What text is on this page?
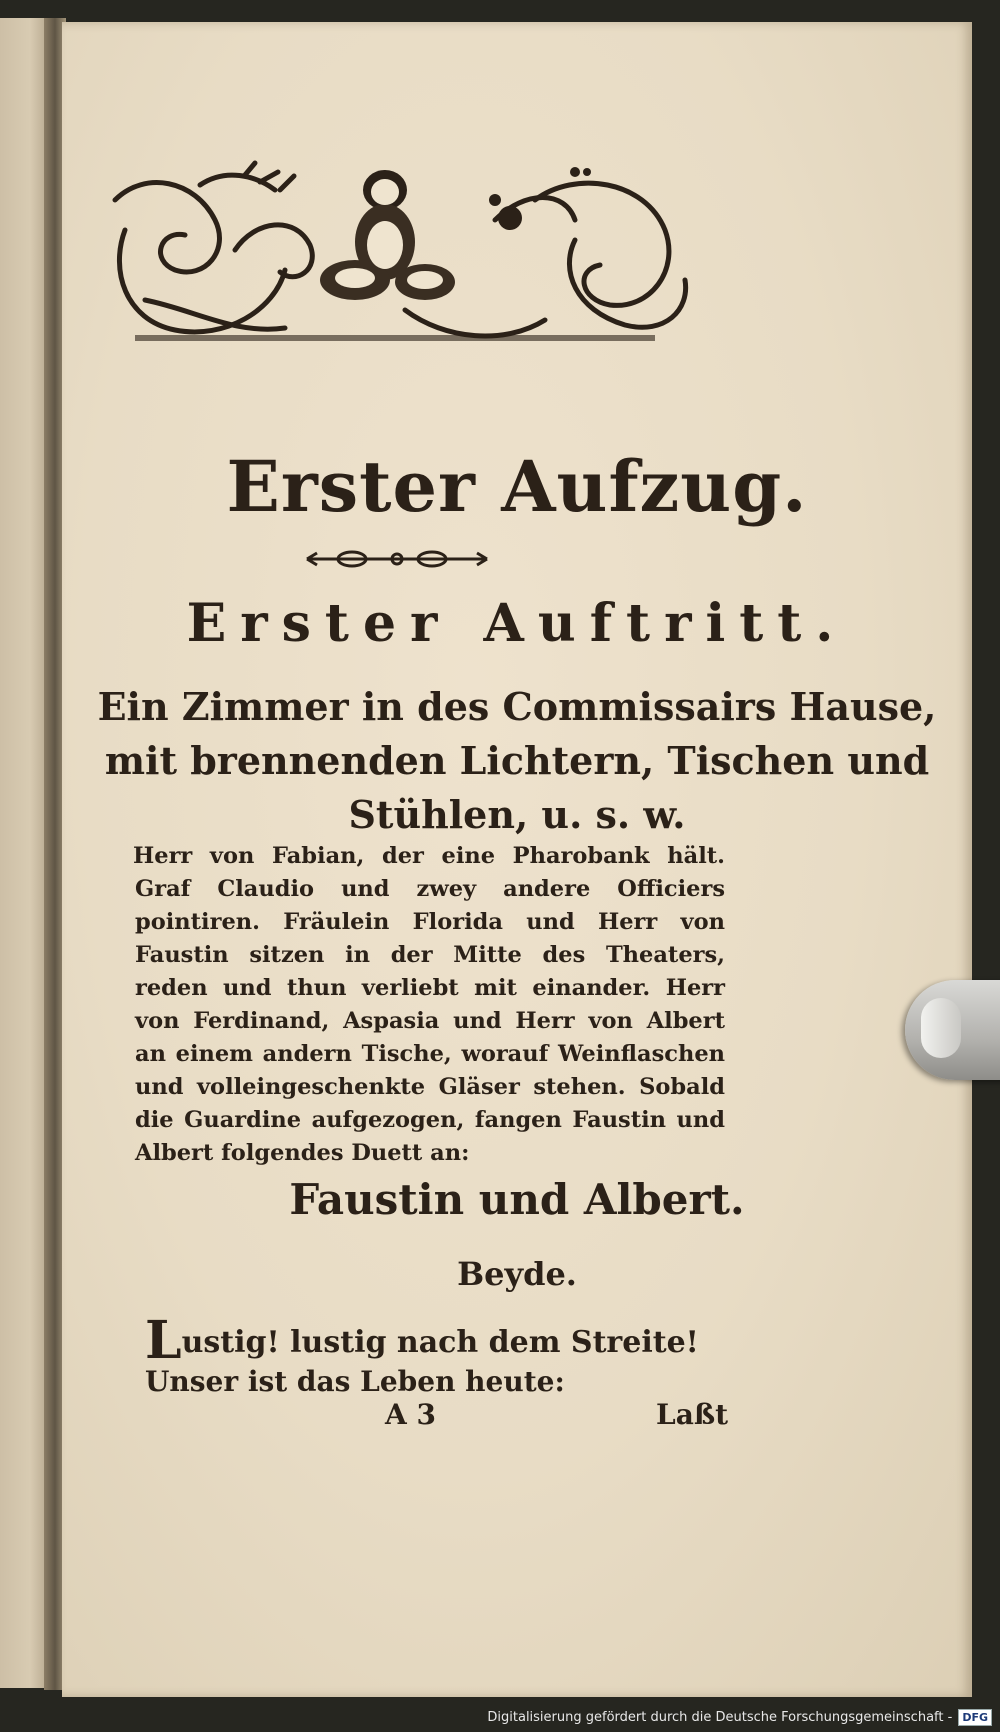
Erster Aufzug.
Erster Auftritt.
Ein Zimmer in des Commissairs Hause,
mit brennenden Lichtern, Tischen und
Stühlen, u. s. w.
Herr von Fabian, der eine Pharobank hält. Graf Claudio und zwey andere Officiers pointiren. Fräulein Florida und Herr von Faustin sitzen in der Mitte des Theaters, reden und thun verliebt mit einander. Herr von Ferdinand, Aspasia und Herr von Albert an einem andern Tische, worauf Weinflaschen und volleingeschenkte Gläser stehen. Sobald die Guardine aufgezogen, fangen Faustin und Albert folgendes Duett an:
Faustin und Albert.
Beyde.
Lustig! lustig nach dem Streite!
Unser ist das Leben heute:
A 3	Laßt
Digitalisierung gefördert durch die Deutsche Forschungsgemeinschaft - DFG
